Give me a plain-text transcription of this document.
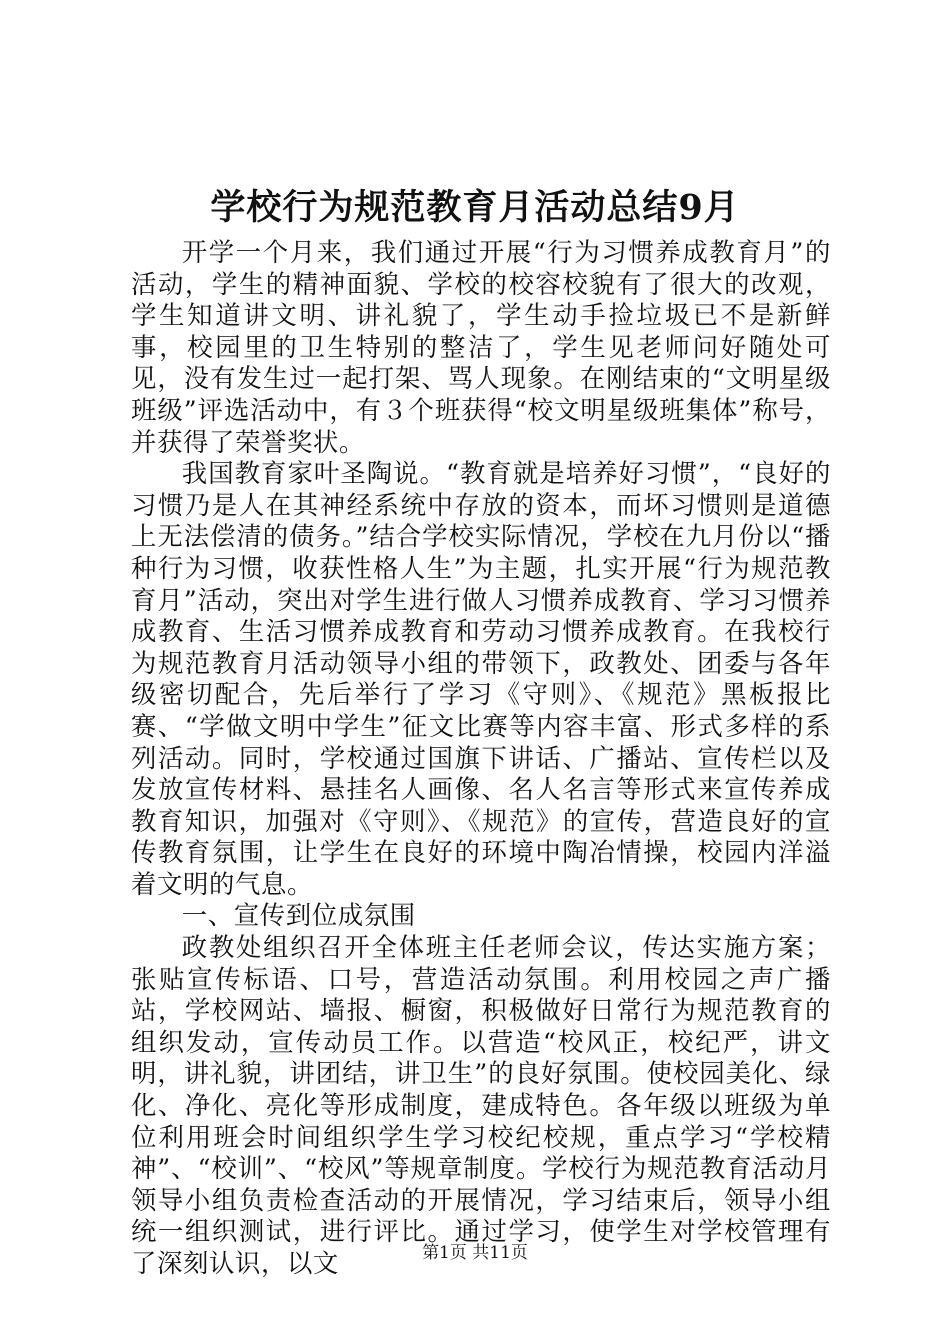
学校行为规范教育月活动总结9月

开学一个月来，我们通过开展“行为习惯养成教育月”的活动，学生的精神面貌、学校的校容校貌有了很大的改观，学生知道讲文明、讲礼貌了，学生动手捡垃圾已不是新鲜事，校园里的卫生特别的整洁了，学生见老师问好随处可见，没有发生过一起打架、骂人现象。在刚结束的“文明星级班级”评选活动中，有３个班获得“校文明星级班集体”称号，并获得了荣誉奖状。

我国教育家叶圣陶说。“教育就是培养好习惯”，“良好的习惯乃是人在其神经系统中存放的资本，而坏习惯则是道德上无法偿清的债务。”结合学校实际情况，学校在九月份以“播种行为习惯，收获性格人生”为主题，扎实开展“行为规范教育月”活动，突出对学生进行做人习惯养成教育、学习习惯养成教育、生活习惯养成教育和劳动习惯养成教育。在我校行为规范教育月活动领导小组的带领下，政教处、团委与各年级密切配合，先后举行了学习《守则》、《规范》黑板报比赛、“学做文明中学生”征文比赛等内容丰富、形式多样的系列活动。同时，学校通过国旗下讲话、广播站、宣传栏以及发放宣传材料、悬挂名人画像、名人名言等形式来宣传养成教育知识，加强对《守则》、《规范》的宣传，营造良好的宣传教育氛围，让学生在良好的环境中陶冶情操，校园内洋溢着文明的气息。

一、宣传到位成氛围

政教处组织召开全体班主任老师会议，传达实施方案；张贴宣传标语、口号，营造活动氛围。利用校园之声广播站，学校网站、墙报、橱窗，积极做好日常行为规范教育的组织发动，宣传动员工作。以营造“校风正，校纪严，讲文明，讲礼貌，讲团结，讲卫生”的良好氛围。使校园美化、绿化、净化、亮化等形成制度，建成特色。各年级以班级为单位利用班会时间组织学生学习校纪校规，重点学习“学校精神”、“校训”、“校风”等规章制度。学校行为规范教育活动月领导小组负责检查活动的开展情况，学习结束后，领导小组统一组织测试，进行评比。通过学习，使学生对学校管理有了深刻认识，以文	第1页 共11页
